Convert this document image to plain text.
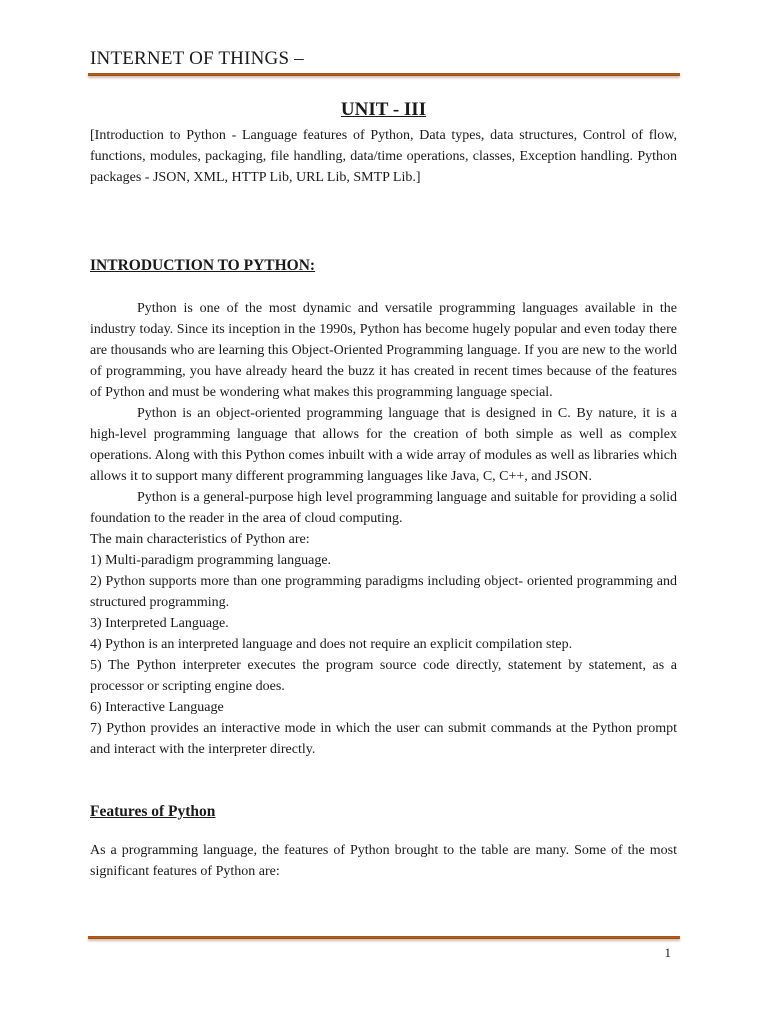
INTERNET OF THINGS –
UNIT - III

[Introduction to Python - Language features of Python, Data types, data structures, Control of flow, functions, modules, packaging, file handling, data/time operations, classes, Exception handling. Python packages - JSON, XML, HTTP Lib, URL Lib, SMTP Lib.]

INTRODUCTION TO PYTHON:

Python is one of the most dynamic and versatile programming languages available in the industry today. Since its inception in the 1990s, Python has become hugely popular and even today there are thousands who are learning this Object-Oriented Programming language. If you are new to the world of programming, you have already heard the buzz it has created in recent times because of the features of Python and must be wondering what makes this programming language special.

Python is an object-oriented programming language that is designed in C. By nature, it is a high-level programming language that allows for the creation of both simple as well as complex operations. Along with this Python comes inbuilt with a wide array of modules as well as libraries which allows it to support many different programming languages like Java, C, C++, and JSON.

Python is a general-purpose high level programming language and suitable for providing a solid foundation to the reader in the area of cloud computing.

The main characteristics of Python are:

1) Multi-paradigm programming language.

2) Python supports more than one programming paradigms including object- oriented programming and structured programming.

3) Interpreted Language.

4) Python is an interpreted language and does not require an explicit compilation step.

5) The Python interpreter executes the program source code directly, statement by statement, as a processor or scripting engine does.

6) Interactive Language

7) Python provides an interactive mode in which the user can submit commands at the Python prompt and interact with the interpreter directly.

Features of Python

As a programming language, the features of Python brought to the table are many. Some of the most significant features of Python are:

1
